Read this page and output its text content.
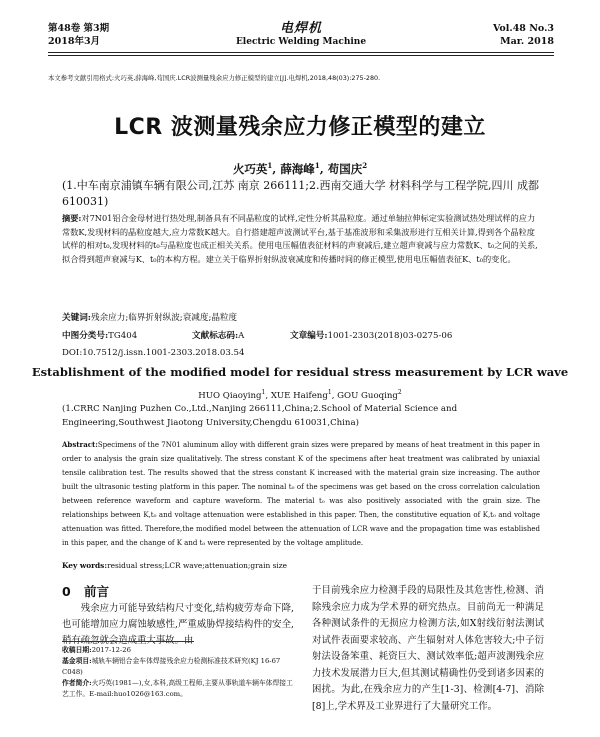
第48卷 第3期
2018年3月
电焊机
Electric Welding Machine
Vol.48 No.3
Mar. 2018
本文参考文献引用格式:火巧英,薛海峰,苟国庆.LCR波测量残余应力修正模型的建立[J].电焊机,2018,48(03):275-280.
LCR 波测量残余应力修正模型的建立
火巧英$^1$, 薛海峰$^1$, 苟国庆$^2$
(1.中车南京浦镇车辆有限公司,江苏 南京 266111;2.西南交通大学 材料科学与工程学院,四川 成都 610031)
摘要:对7N01铝合金母材进行热处理,制备具有不同晶粒度的试样,定性分析其晶粒度。通过单轴拉伸标定实验测试热处理试样的应力常数K,发现材料的晶粒度越大,应力常数K越大。自行搭建超声波测试平台,基于基准波形和采集波形进行互相关计算,得到各个晶粒度试样的相对t₀,发现材料的t₀与晶粒度也成正相关关系。使用电压幅值表征材料的声衰减后,建立超声衰减与应力常数K、t₀之间的关系,拟合得到超声衰减与K、t₀的本构方程。建立关于临界折射纵波衰减度和传播时间的修正模型,使用电压幅值表征K、t₀的变化。
关键词:残余应力;临界折射纵波;衰减度;晶粒度
中图分类号:TG404	文献标志码:A	文章编号:1001-2303(2018)03-0275-06
DOI:10.7512/j.issn.1001-2303.2018.03.54
Establishment of the modified model for residual stress measurement by LCR wave
HUO Qiaoying$^1$, XUE Haifeng$^1$, GOU Guoqing$^2$
(1.CRRC Nanjing Puzhen Co.,Ltd.,Nanjing 266111,China;2.School of Material Science and Engineering,Southwest Jiaotong University,Chengdu 610031,China)
Abstract:Specimens of the 7N01 aluminum alloy with different grain sizes were prepared by means of heat treatment in this paper in order to analysis the grain size qualitatively. The stress constant K of the specimens after heat treatment was calibrated by uniaxial tensile calibration test. The results showed that the stress constant K increased with the material grain size increasing. The author built the ultrasonic testing platform in this paper. The nominal t₀ of the specimens was get based on the cross correlation calculation between reference waveform and capture waveform. The material t₀ was also positively associated with the grain size. The relationships between K,t₀ and voltage attenuation were established in this paper. Then, the constitutive equation of K,t₀ and voltage attenuation was fitted. Therefore,the modified model between the attenuation of LCR wave and the propagation time was established in this paper, and the change of K and t₀ were represented by the voltage amplitude.
Key words:residual stress;LCR wave;attenuation;grain size
0 前言

残余应力可能导致结构尺寸变化,结构疲劳寿命下降,也可能增加应力腐蚀敏感性,严重威胁焊接结构件的安全,稍有疏忽就会造成重大事故。由

收稿日期:2017-12-26
基金项目:城轨车辆铝合金车体焊接残余应力检测标准技术研究(KJ 16-67 C048)
作者简介:火巧英(1981—),女,本科,高级工程师,主要从事轨道车辆车体焊接工艺工作。E-mail:huo1026@163.com。

于目前残余应力检测手段的局限性及其危害性,检测、消除残余应力成为学术界的研究热点。目前尚无一种满足各种测试条件的无损应力检测方法,如X射线衍射法测试对试件表面要求较高、产生辐射对人体危害较大;中子衍射法设备笨重、耗资巨大、测试效率低;超声波测残余应力技术发展潜力巨大,但其测试精确性仍受到诸多因素的困扰。为此,在残余应力的产生[1-3]、检测[4-7]、消除[8]上,学术界及工业界进行了大量研究工作。
